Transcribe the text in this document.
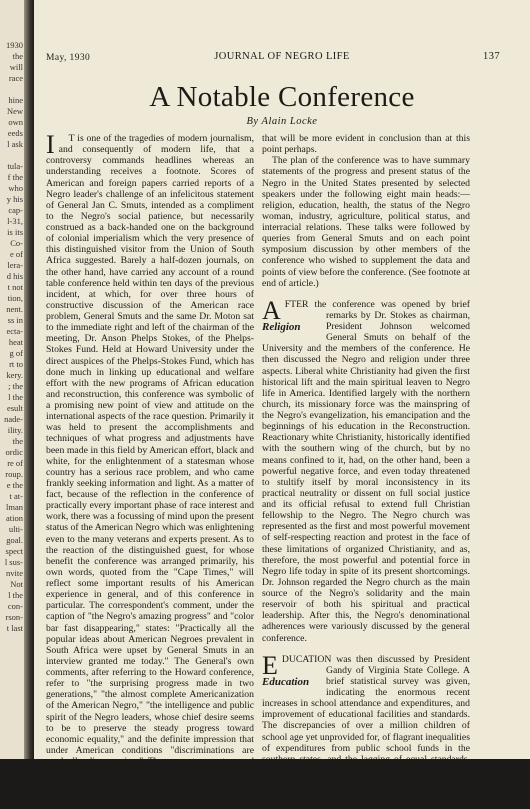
1930
the
will
race
hine
New
own
eeds
l ask
tula-
f the
who
y his
cap-
l-31,
is its
Co-
e of
lera-
d his
t not
tion,
nent.
ss in
ecta-
heat
g of
rt to
kery.
; the
l the
esult
nade-
ility.
the
ordic
re of
roup.
e the
t at-
lman
ation
ulti-
goal.
spect
l sus-
nvite
Not
l the
con-
rson-
t last
May, 1930	JOURNAL OF NEGRO LIFE	137
A Notable Conference
By Alain Locke

I	T is one of the tragedies of modern journalism, and consequently of modern life, that a controversy commands headlines whereas an understanding receives a footnote. Scores of American and foreign papers carried reports of a Negro leader's challenge of an infelicitous statement of General Jan C. Smuts, intended as a compliment to the Negro's social patience, but necessarily construed as a back-handed one on the background of colonial imperialism which the very presence of this distinguished visitor from the Union of South Africa suggested. Barely a half-dozen journals, on the other hand, have carried any account of a round table conference held within ten days of the previous incident, at which, for over three hours of constructive discussion of the American race problem, General Smuts and the same Dr. Moton sat to the immediate right and left of the chairman of the meeting, Dr. Anson Phelps Stokes, of the Phelps-Stokes Fund. Held at Howard University under the direct auspices of the Phelps-Stokes Fund, which has done much in linking up educational and welfare effort with the new programs of African education and reconstruction, this conference was symbolic of a promising new point of view and attitude on the international aspects of the race question. Primarily it was held to present the accomplishments and techniques of what progress and adjustments have been made in this field by American effort, black and white, for the enlightenment of a statesman whose country has a serious race problem, and who came frankly seeking information and light. As a matter of fact, because of the reflection in the conference of practically every important phase of race interest and work, there was a focussing of mind upon the present status of the American Negro which was enlightening even to the many veterans and experts present. As to the reaction of the distinguished guest, for whose benefit the conference was arranged primarily, his own words, quoted from the "Cape Times," will reflect some important results of his American experience in general, and of this conference in particular. The correspondent's comment, under the caption of "the Negro's amazing progress" and "color bar fast disappearing," states: "Practically all the popular ideas about American Negroes prevalent in South Africa were upset by General Smuts in an interview granted me today." The General's own comments, after referring to the Howard conference, refer to "the surprising progress made in two generations," "the almost complete Americanization of the American Negro," "the intelligence and public spirit of the Negro leaders, whose chief desire seems to be to preserve the steady progress toward economic equality," and the definite impression that under American conditions "discriminations are gradually disappearing." These are true notes, and progressive ones; to project them into the international mind and conscience is a great constructive service. But

that will be more evident in conclusion than at this point perhaps.

The plan of the conference was to have summary statements of the progress and present status of the Negro in the United States presented by selected speakers under the following eight main heads:—religion, education, health, the status of the Negro woman, industry, agriculture, political status, and interracial relations. These talks were followed by queries from General Smuts and on each point symposium discussion by other members of the conference who wished to supplement the data and points of view before the conference. (See footnote at end of article.)

A
Religion
FTER the conference was opened by brief remarks by Dr. Stokes as chairman, President Johnson welcomed General Smuts on behalf of the University and the members of the conference. He then discussed the Negro and religion under three aspects. Liberal white Christianity had given the first historical lift and the main spiritual leaven to Negro life in America. Identified largely with the northern church, its missionary force was the mainspring of the Negro's evangelization, his emancipation and the beginnings of his education in the Reconstruction. Reactionary white Christianity, historically identified with the southern wing of the church, but by no means confined to it, had, on the other hand, been a powerful negative force, and even today threatened to stultify itself by moral inconsistency in its practical neutrality or dissent on full social justice and its official refusal to extend full Christian fellowship to the Negro. The Negro church was represented as the first and most powerful movement of self-respecting reaction and protest in the face of these limitations of organized Christianity, and as, therefore, the most powerful and potential force in Negro life today in spite of its present shortcomings. Dr. Johnson regarded the Negro church as the main source of the Negro's solidarity and the main reservoir of both his spiritual and practical leadership. After this, the Negro's denominational adherences were variously discussed by the general conference.

E
Education
DUCATION was then discussed by President Gandy of Virginia State College. A brief statistical survey was given, indicating the enormous recent increases in school attendance and expenditures, and improvement of educational facilities and standards. The discrepancies of over a million children of school age yet unprovided for, of flagrant inequalities of expenditures from public school funds in the southern states, and the lagging of equal standards, all facts well-known, were briefly pointed out. Dr. Gandy felt that "the greatest victory or evidence of progress in the field of Negro education has been the recent change of sentiment from hos-
